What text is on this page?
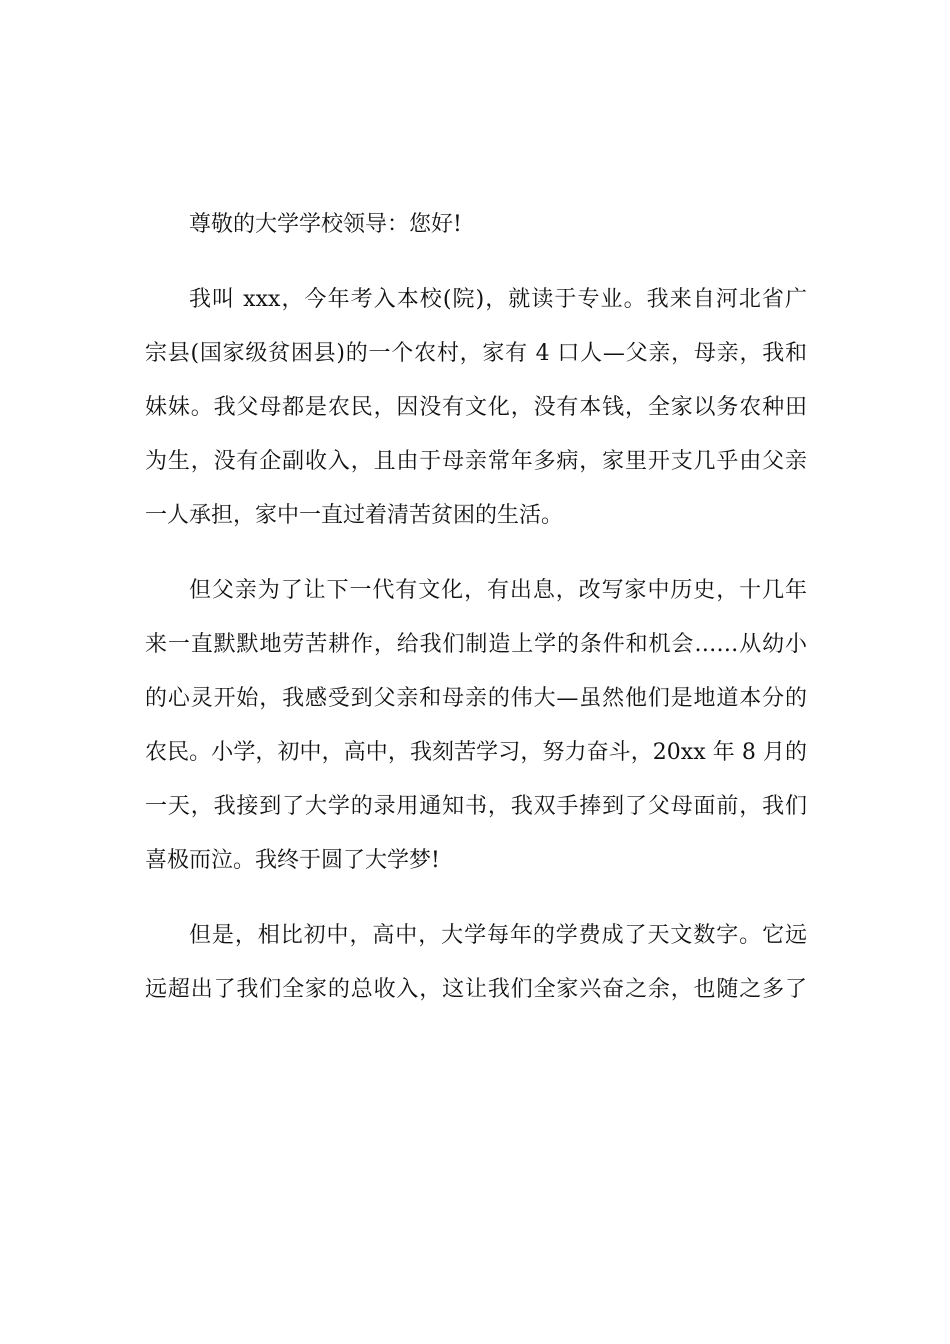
尊敬的大学学校领导：您好!
我叫 xxx，今年考入本校(院)，就读于专业。我来自河北省广
宗县(国家级贫困县)的一个农村，家有 4 口人—父亲，母亲，我和
妹妹。我父母都是农民，因没有文化，没有本钱，全家以务农种田
为生，没有企副收入，且由于母亲常年多病，家里开支几乎由父亲
一人承担，家中一直过着清苦贫困的生活。
但父亲为了让下一代有文化，有出息，改写家中历史，十几年
来一直默默地劳苦耕作，给我们制造上学的条件和机会……从幼小
的心灵开始，我感受到父亲和母亲的伟大—虽然他们是地道本分的
农民。小学，初中，高中，我刻苦学习，努力奋斗，20xx 年 8 月的
一天，我接到了大学的录用通知书，我双手捧到了父母面前，我们
喜极而泣。我终于圆了大学梦!
但是，相比初中，高中，大学每年的学费成了天文数字。它远
远超出了我们全家的总收入，这让我们全家兴奋之余，也随之多了
